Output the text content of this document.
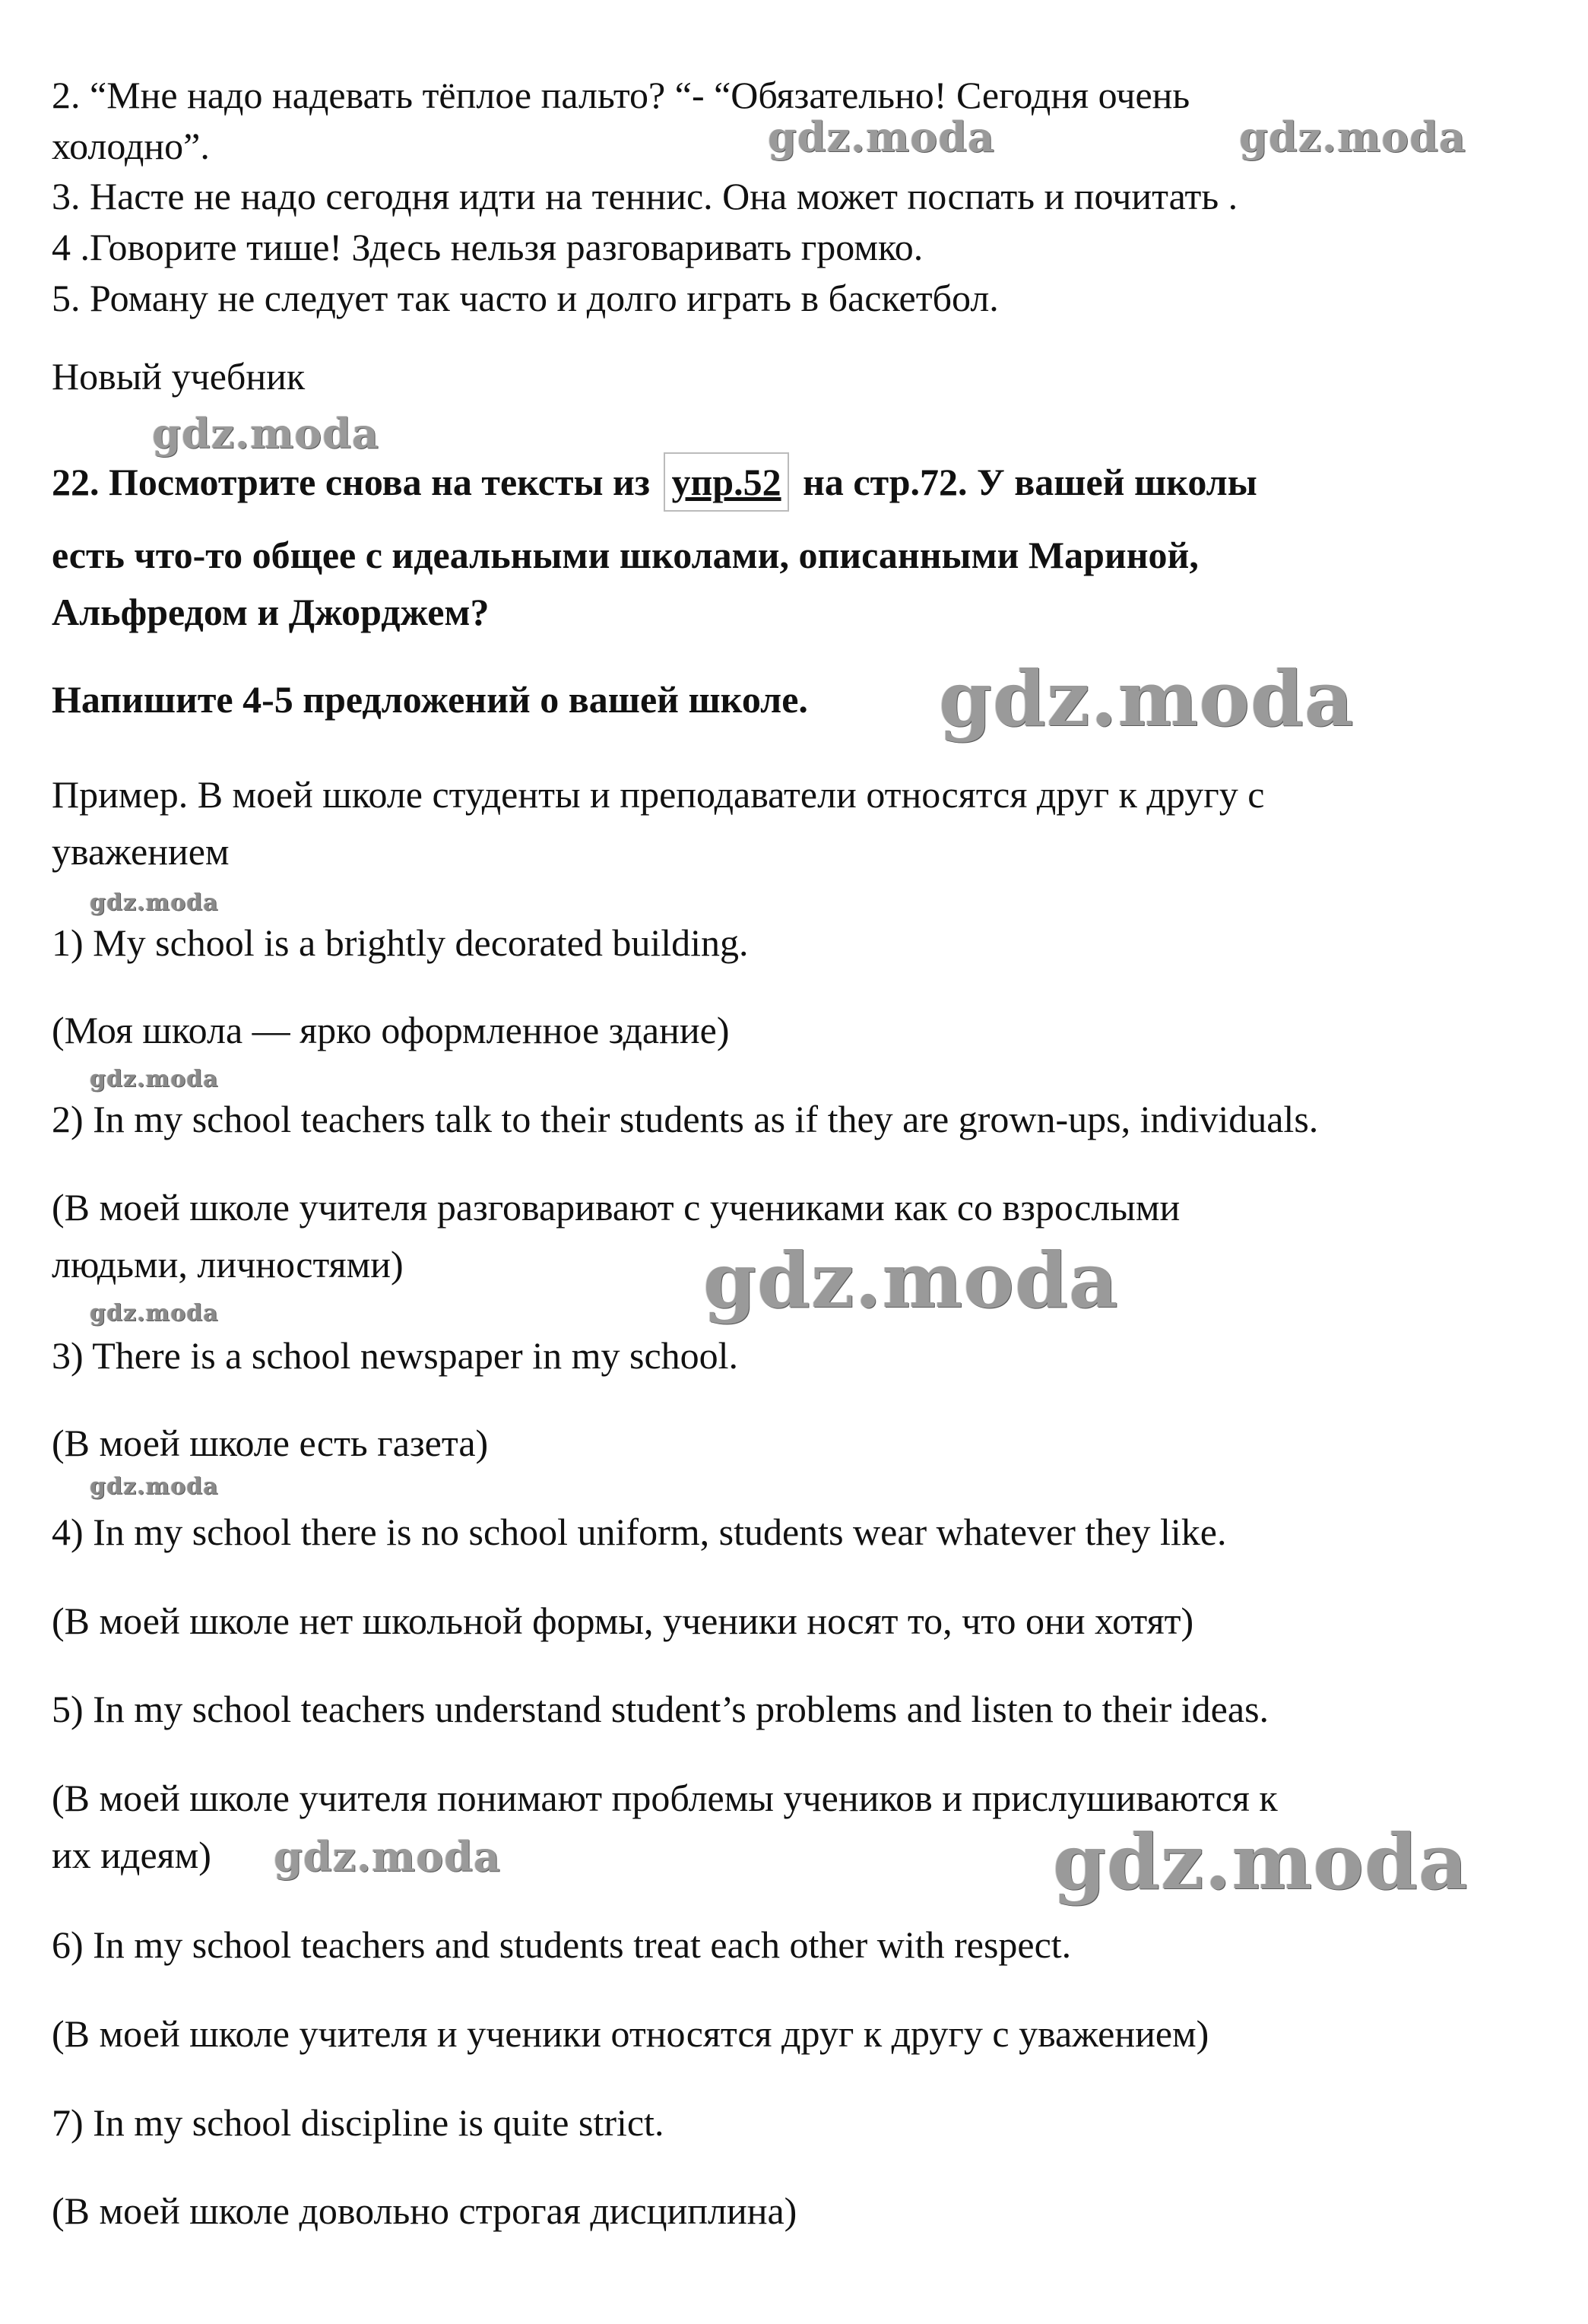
2. “Мне надо надевать тёплое пальто? “- “Обязательно! Сегодня очень
холодно”.
3. Насте не надо сегодня идти на теннис. Она может поспать и почитать .
4 .Говорите тише! Здесь нельзя разговаривать громко.
5. Роману не следует так часто и долго играть в баскетбол.
Новый учебник
22. Посмотрите снова на тексты из упр.52 на стр.72. У вашей школы
есть что-то общее с идеальными школами, описанными Мариной,
Альфредом и Джорджем?
Напишите 4-5 предложений о вашей школе.
Пример. В моей школе студенты и преподаватели относятся друг к другу с
уважением
1) My school is a brightly decorated building.
(Моя школа — ярко оформленное здание)
2) In my school teachers talk to their students as if they are grown-ups, individuals.
(В моей школе учителя разговаривают с учениками как со взрослыми
людьми, личностями)
3) There is a school newspaper in my school.
(В моей школе есть газета)
4) In my school there is no school uniform, students wear whatever they like.
(В моей школе нет школьной формы, ученики носят то, что они хотят)
5) In my school teachers understand student’s problems and listen to their ideas.
(В моей школе учителя понимают проблемы учеников и прислушиваются к
их идеям)
6) In my school teachers and students treat each other with respect.
(В моей школе учителя и ученики относятся друг к другу с уважением)
7) In my school discipline is quite strict.
(В моей школе довольно строгая дисциплина)
gdz.moda	gdz.moda
gdz.moda
gdz.moda
gdz.moda
gdz.moda
gdz.moda
gdz.moda
gdz.moda
gdz.moda	gdz.moda
